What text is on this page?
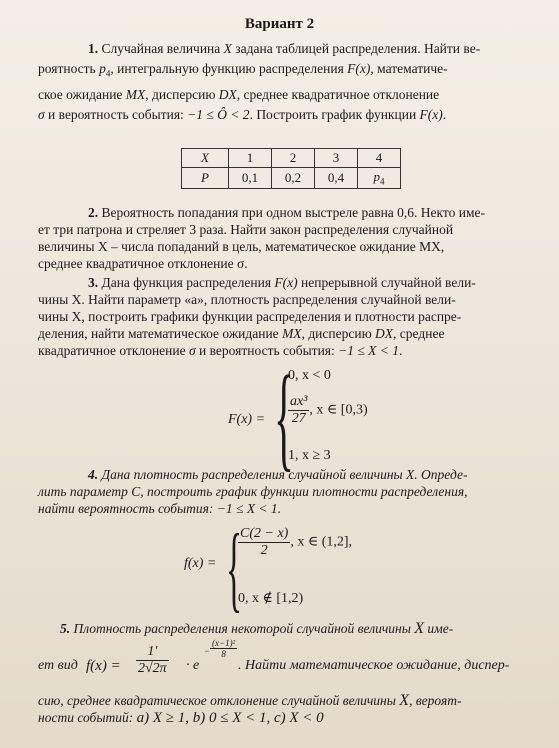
Вариант 2
1. Случайная величина X задана таблицей распределения. Найти ве-
роятность $p_4$, интегральную функцию распределения F(x), математиче-
ское ожидание MX, дисперсию DX, среднее квадратичное отклонение
σ и вероятность события: −1 ≤ Ô < 2. Построить график функции F(x).
X	1	2	3	4
P	0,1	0,2	0,4	$p_4$
2. Вероятность попадания при одном выстреле равна 0,6. Некто име-
ет три патрона и стреляет 3 раза. Найти закон распределения случайной
величины X – числа попаданий в цель, математическое ожидание MX,
среднее квадратичное отклонение σ.
3. Дана функция распределения F(x) непрерывной случайной вели-
чины X. Найти параметр «a», плотность распределения случайной вели-
чины X, построить графики функции распределения и плотности распре-
деления, найти математическое ожидание MX, дисперсию DX, среднее
квадратичное отклонение σ и вероятность события: −1 ≤ X < 1.
F(x) = {
0, x < 0
$\frac{\text{ax³}}{27}$ , x ∈ [0,3)
1, x ≥ 3
4. Дана плотность распределения случайной величины X. Опреде-
лить параметр C, построить график функции плотности распределения,
найти вероятность события: −1 ≤ X < 1.
f(x) = {
$\frac{C(2 - x)}{2}$ , x ∈ (1,2],
0, x ∉ [1,2)
5. Плотность распределения некоторой случайной величины X име-
ет вид $f(x) = \frac{1'}{2√2\pi} \cdot e$
− $\frac{\text{(x−1)²}}{8}$
. Найти математическое ожидание, диспер-
сию, среднее квадратическое отклонение случайной величины X, вероят-
ности событий: a) X ≥ 1, b) 0 ≤ X < 1, c) X < 0
